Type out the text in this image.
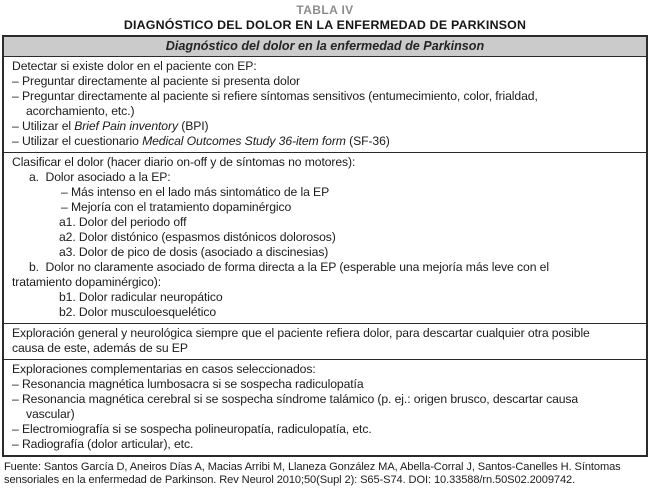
TABLA IV
DIAGNÓSTICO DEL DOLOR EN LA ENFERMEDAD DE PARKINSON
Diagnóstico del dolor en la enfermedad de Parkinson
Detectar si existe dolor en el paciente con EP:
– Preguntar directamente al paciente si presenta dolor
– Preguntar directamente al paciente si refiere síntomas sensitivos (entumecimiento, color, frialdad,
acorchamiento, etc.)
– Utilizar el Brief Pain inventory (BPI)
– Utilizar el cuestionario Medical Outcomes Study 36-item form (SF-36)
Clasificar el dolor (hacer diario on-off y de síntomas no motores):
a.  Dolor asociado a la EP:
– Más intenso en el lado más sintomático de la EP
– Mejoría con el tratamiento dopaminérgico
a1. Dolor del periodo off
a2. Dolor distónico (espasmos distónicos dolorosos)
a3. Dolor de pico de dosis (asociado a discinesias)
b.  Dolor no claramente asociado de forma directa a la EP (esperable una mejoría más leve con el
tratamiento dopaminérgico):
b1. Dolor radicular neuropático
b2. Dolor musculoesquelético
Exploración general y neurológica siempre que el paciente refiera dolor, para descartar cualquier otra posible
causa de este, además de su EP
Exploraciones complementarias en casos seleccionados:
– Resonancia magnética lumbosacra si se sospecha radiculopatía
– Resonancia magnética cerebral si se sospecha síndrome talámico (p. ej.: origen brusco, descartar causa
vascular)
– Electromiografía si se sospecha polineuropatía, radiculopatía, etc.
– Radiografía (dolor articular), etc.
Fuente: Santos García D, Aneiros Días A, Macias Arribi M, Llaneza González MA, Abella-Corral J, Santos-Canelles H. Síntomas
sensoriales en la enfermedad de Parkinson. Rev Neurol 2010;50(Supl 2): S65-S74. DOI: 10.33588/rn.50S02.2009742.
